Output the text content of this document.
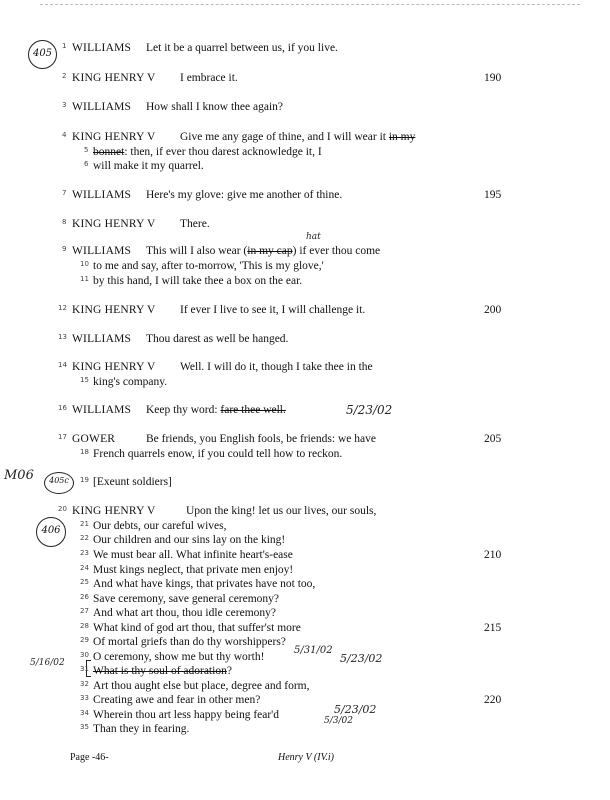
405
M06	405c
406
hat
5/23/02
5/31/02
5/23/02
5/16/02
5/23/02
5/3/02
1 WILLIAMS Let it be a quarrel between us, if you live.
2 KING HENRY V I embrace it.	190
3 WILLIAMS How shall I know thee again?
4 KING HENRY V Give me any gage of thine, and I will wear it in my
5 bonnet: then, if ever thou darest acknowledge it, I
6 will make it my quarrel.
7 WILLIAMS Here's my glove: give me another of thine.	195
8 KING HENRY V There.
9 WILLIAMS This will I also wear (in my cap) if ever thou come
10 to me and say, after to-morrow, 'This is my glove,'
11 by this hand, I will take thee a box on the ear.
12 KING HENRY V If ever I live to see it, I will challenge it.	200
13 WILLIAMS Thou darest as well be hanged.
14 KING HENRY V Well. I will do it, though I take thee in the
15 king's company.
16 WILLIAMS Keep thy word: fare thee well.
17 GOWER	Be friends, you English fools, be friends: we have	205
18 French quarrels enow, if you could tell how to reckon.
19 [Exeunt soldiers]
20 KING HENRY V	Upon the king! let us our lives, our souls,
21 Our debts, our careful wives,
22 Our children and our sins lay on the king!
23 We must bear all. What infinite heart's-ease	210
24 Must kings neglect, that private men enjoy!
25 And what have kings, that privates have not too,
26 Save ceremony, save general ceremony?
27 And what art thou, thou idle ceremony?
28 What kind of god art thou, that suffer'st more	215
29 Of mortal griefs than do thy worshippers?
30 O ceremony, show me but thy worth!
31 What is thy soul of adoration?
32 Art thou aught else but place, degree and form,
33 Creating awe and fear in other men?	220
34 Wherein thou art less happy being fear'd
35 Than they in fearing.
Page -46-	Henry V (IV.i)
